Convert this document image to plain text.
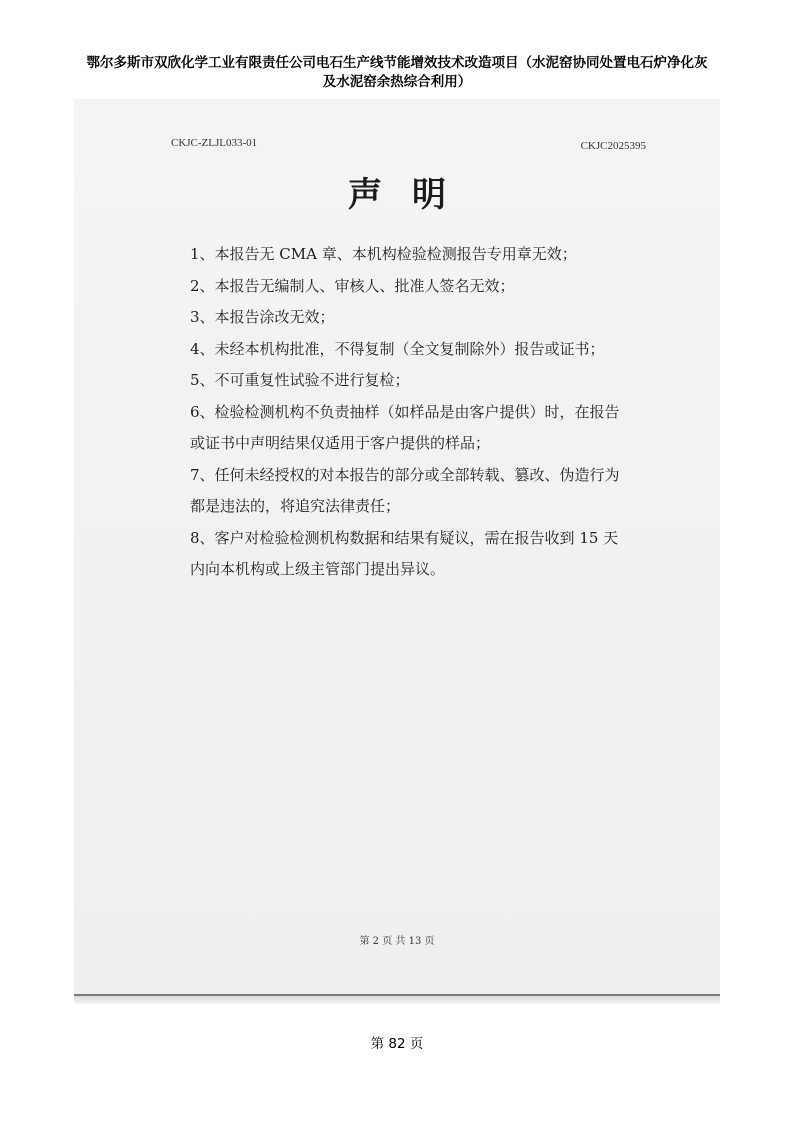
鄂尔多斯市双欣化学工业有限责任公司电石生产线节能增效技术改造项目（水泥窑协同处置电石炉净化灰
及水泥窑余热综合利用）
CKJC-ZLJL033-01	CKJC2025395
声明
1、本报告无 CMA 章、本机构检验检测报告专用章无效；
2、本报告无编制人、审核人、批准人签名无效；
3、本报告涂改无效；
4、未经本机构批准，不得复制（全文复制除外）报告或证书；
5、不可重复性试验不进行复检；
6、检验检测机构不负责抽样（如样品是由客户提供）时，在报告或证书中声明结果仅适用于客户提供的样品；
7、任何未经授权的对本报告的部分或全部转载、篡改、伪造行为都是违法的，将追究法律责任；
8、客户对检验检测机构数据和结果有疑议，需在报告收到 15 天内向本机构或上级主管部门提出异议。
第 2 页 共 13 页
第 82 页
